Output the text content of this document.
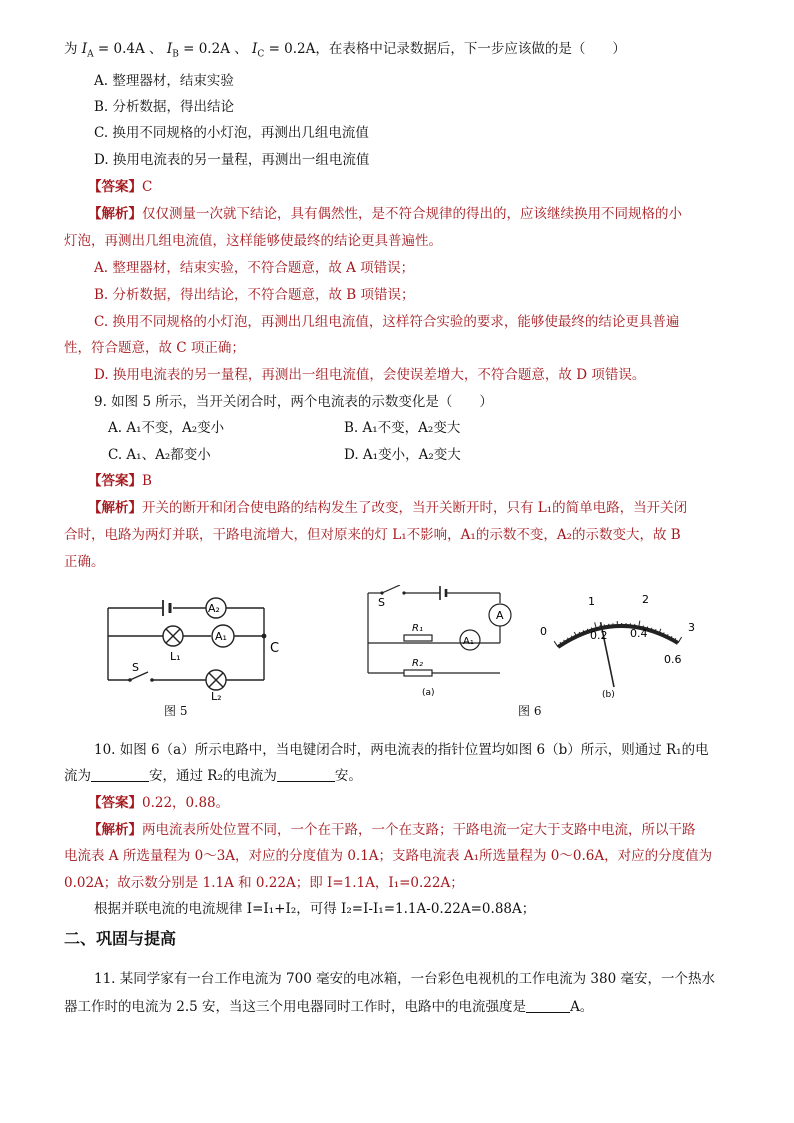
为 $I_A = 0.4A$ 、 $I_B = 0.2A$ 、 $I_C = 0.2A$，在表格中记录数据后，下一步应该做的是（　　）
A. 整理器材，结束实验
B. 分析数据，得出结论
C. 换用不同规格的小灯泡，再测出几组电流值
D. 换用电流表的另一量程，再测出一组电流值
【答案】C
【解析】仅仅测量一次就下结论，具有偶然性，是不符合规律的得出的，应该继续换用不同规格的小
灯泡，再测出几组电流值，这样能够使最终的结论更具普遍性。
A. 整理器材，结束实验，不符合题意，故 A 项错误；
B. 分析数据，得出结论，不符合题意，故 B 项错误；
C. 换用不同规格的小灯泡，再测出几组电流值，这样符合实验的要求，能够使最终的结论更具普遍
性，符合题意，故 C 项正确；
D. 换用电流表的另一量程，再测出一组电流值，会使误差增大，不符合题意，故 D 项错误。
9. 如图 5 所示，当开关闭合时，两个电流表的示数变化是（　　）
A. A₁不变，A₂变小	B. A₁不变，A₂变大
C. A₁、A₂都变小	D. A₁变小，A₂变大
【答案】B
【解析】开关的断开和闭合使电路的结构发生了改变，当开关断开时，只有 L₁的简单电路，当开关闭
合时，电路为两灯并联，干路电流增大，但对原来的灯 L₁不影响，A₁的示数不变，A₂的示数变大，故 B
正确。
A₂
A₁
L₁
S
L₂
C
图 5
A
A₁
S
R₁
R₂
(a)
0
1	2
3
0.2 0.4
0.6
(b)
图 6
10. 如图 6（a）所示电路中，当电键闭合时，两电流表的指针位置均如图 6（b）所示，则通过 R₁的电
流为	安，通过 R₂的电流为	安。
【答案】0.22，0.88。
【解析】两电流表所处位置不同，一个在干路，一个在支路；干路电流一定大于支路中电流，所以干路
电流表 A 所选量程为 0～3A，对应的分度值为 0.1A；支路电流表 A₁所选量程为 0～0.6A，对应的分度值为
0.02A；故示数分别是 1.1A 和 0.22A；即 I=1.1A，I₁=0.22A；
根据并联电流的电流规律 I=I₁+I₂，可得 I₂=I-I₁=1.1A-0.22A=0.88A；
二、巩固与提高
11. 某同学家有一台工作电流为 700 毫安的电冰箱，一台彩色电视机的工作电流为 380 毫安，一个热水
器工作时的电流为 2.5 安，当这三个用电器同时工作时，电路中的电流强度是	A。
